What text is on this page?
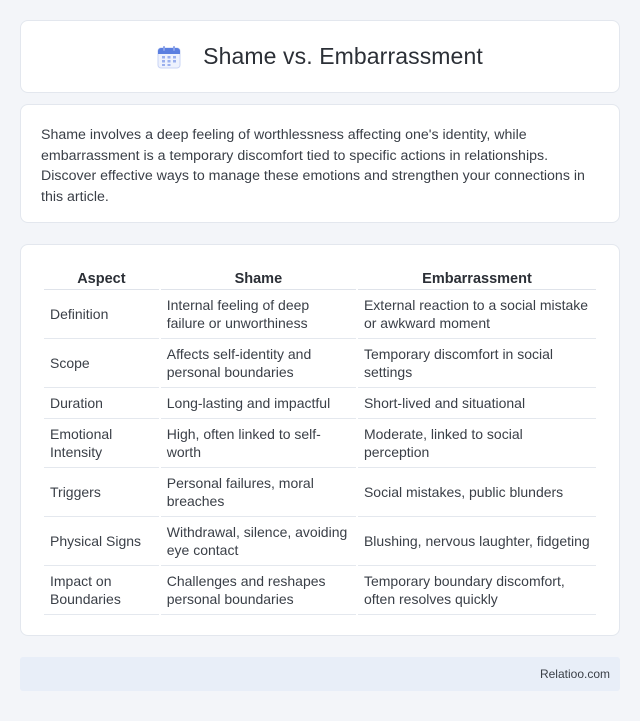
Shame vs. Embarrassment

Shame involves a deep feeling of worthlessness affecting one's identity, while embarrassment is a temporary discomfort tied to specific actions in relationships. Discover effective ways to manage these emotions and strengthen your connections in this article.

Aspect	Shame	Embarrassment
Definition	Internal feeling of deep failure or unworthiness	External reaction to a social mistake or awkward moment
Scope	Affects self-identity and personal boundaries	Temporary discomfort in social settings
Duration	Long-lasting and impactful	Short-lived and situational
Emotional Intensity	High, often linked to self-worth	Moderate, linked to social perception
Triggers	Personal failures, moral breaches	Social mistakes, public blunders
Physical Signs	Withdrawal, silence, avoiding eye contact	Blushing, nervous laughter, fidgeting
Impact on Boundaries	Challenges and reshapes personal boundaries	Temporary boundary discomfort, often resolves quickly
Relatioo.com
